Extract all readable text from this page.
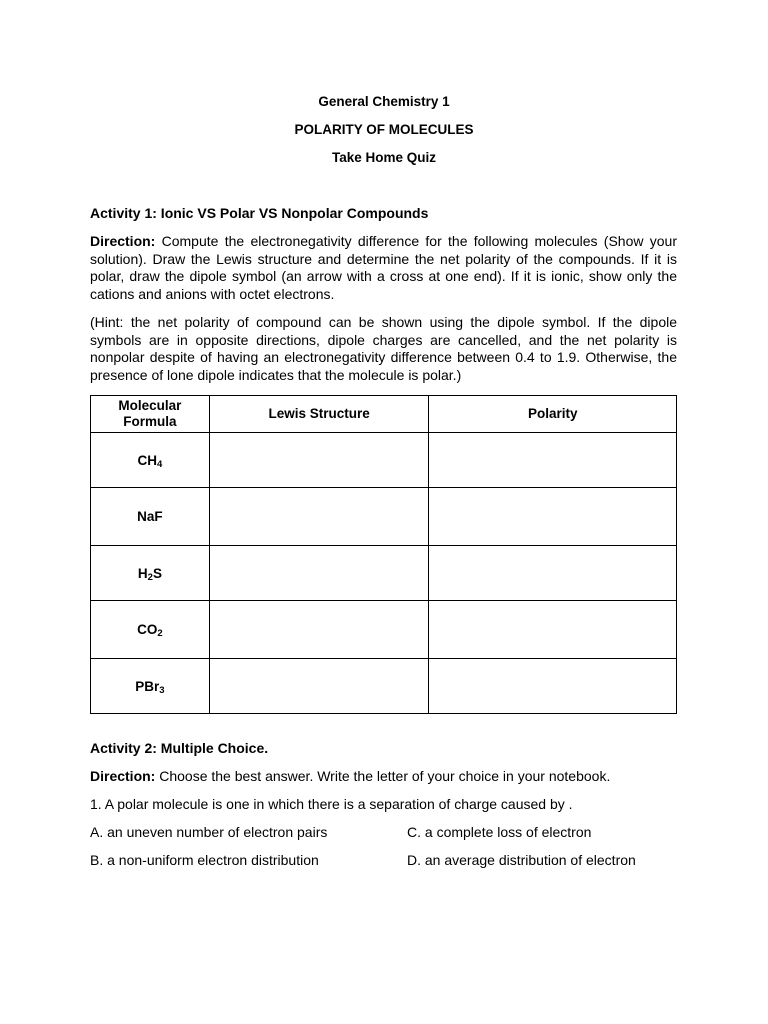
General Chemistry 1
POLARITY OF MOLECULES
Take Home Quiz
Activity 1: Ionic VS Polar VS Nonpolar Compounds
Direction: Compute the electronegativity difference for the following molecules (Show your solution). Draw the Lewis structure and determine the net polarity of the compounds. If it is polar, draw the dipole symbol (an arrow with a cross at one end). If it is ionic, show only the cations and anions with octet electrons.
(Hint: the net polarity of compound can be shown using the dipole symbol. If the dipole symbols are in opposite directions, dipole charges are cancelled, and the net polarity is nonpolar despite of having an electronegativity difference between 0.4 to 1.9. Otherwise, the presence of lone dipole indicates that the molecule is polar.)
Molecular Formula	Lewis Structure	Polarity
$CH_4$		
NaF		
$H_2S$		
$CO_2$		
PBr$_3$		
Activity 2: Multiple Choice.
Direction: Choose the best answer. Write the letter of your choice in your notebook.
1. A polar molecule is one in which there is a separation of charge caused by .
A. an uneven number of electron pairs	C. a complete loss of electron
B. a non-uniform electron distribution	D. an average distribution of electron
